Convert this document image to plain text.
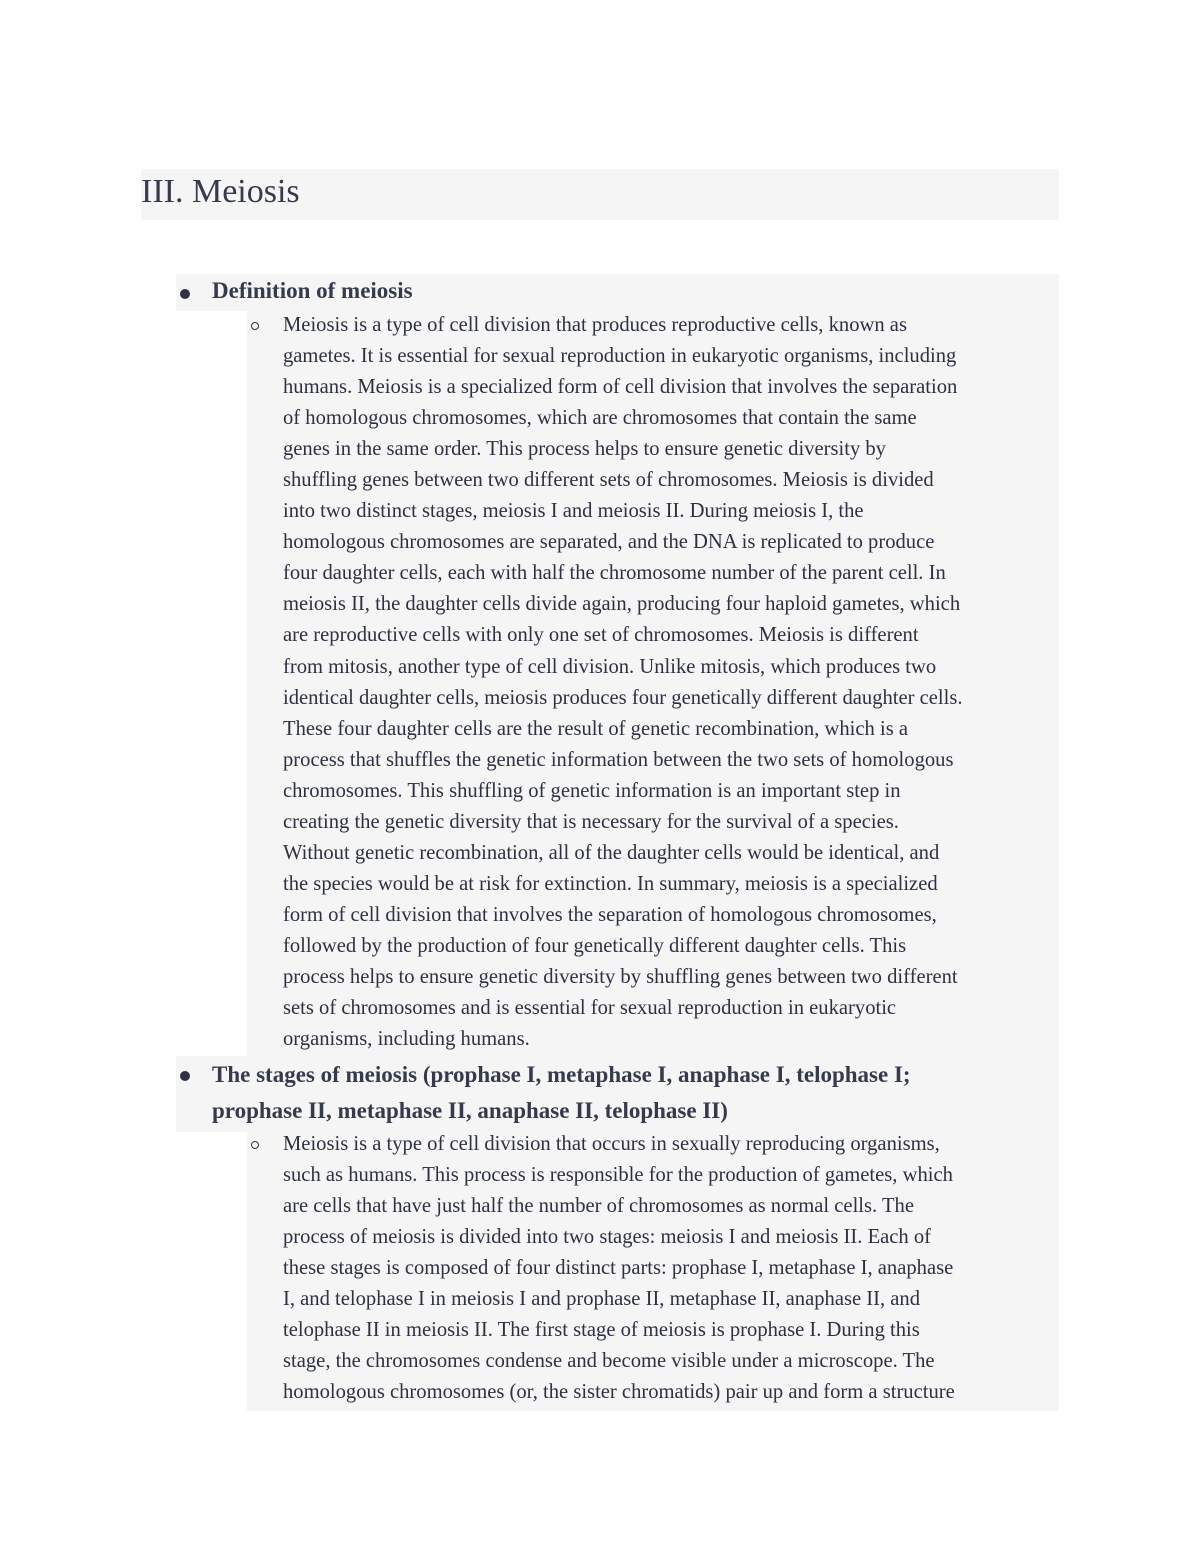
III. Meiosis

Definition of meiosis

Meiosis is a type of cell division that produces reproductive cells, known as
gametes. It is essential for sexual reproduction in eukaryotic organisms, including
humans. Meiosis is a specialized form of cell division that involves the separation
of homologous chromosomes, which are chromosomes that contain the same
genes in the same order. This process helps to ensure genetic diversity by
shuffling genes between two different sets of chromosomes. Meiosis is divided
into two distinct stages, meiosis I and meiosis II. During meiosis I, the
homologous chromosomes are separated, and the DNA is replicated to produce
four daughter cells, each with half the chromosome number of the parent cell. In
meiosis II, the daughter cells divide again, producing four haploid gametes, which
are reproductive cells with only one set of chromosomes. Meiosis is different
from mitosis, another type of cell division. Unlike mitosis, which produces two
identical daughter cells, meiosis produces four genetically different daughter cells.
These four daughter cells are the result of genetic recombination, which is a
process that shuffles the genetic information between the two sets of homologous
chromosomes. This shuffling of genetic information is an important step in
creating the genetic diversity that is necessary for the survival of a species.
Without genetic recombination, all of the daughter cells would be identical, and
the species would be at risk for extinction. In summary, meiosis is a specialized
form of cell division that involves the separation of homologous chromosomes,
followed by the production of four genetically different daughter cells. This
process helps to ensure genetic diversity by shuffling genes between two different
sets of chromosomes and is essential for sexual reproduction in eukaryotic
organisms, including humans.

The stages of meiosis (prophase I, metaphase I, anaphase I, telophase I;
prophase II, metaphase II, anaphase II, telophase II)

Meiosis is a type of cell division that occurs in sexually reproducing organisms,
such as humans. This process is responsible for the production of gametes, which
are cells that have just half the number of chromosomes as normal cells. The
process of meiosis is divided into two stages: meiosis I and meiosis II. Each of
these stages is composed of four distinct parts: prophase I, metaphase I, anaphase
I, and telophase I in meiosis I and prophase II, metaphase II, anaphase II, and
telophase II in meiosis II. The first stage of meiosis is prophase I. During this
stage, the chromosomes condense and become visible under a microscope. The
homologous chromosomes (or, the sister chromatids) pair up and form a structure
